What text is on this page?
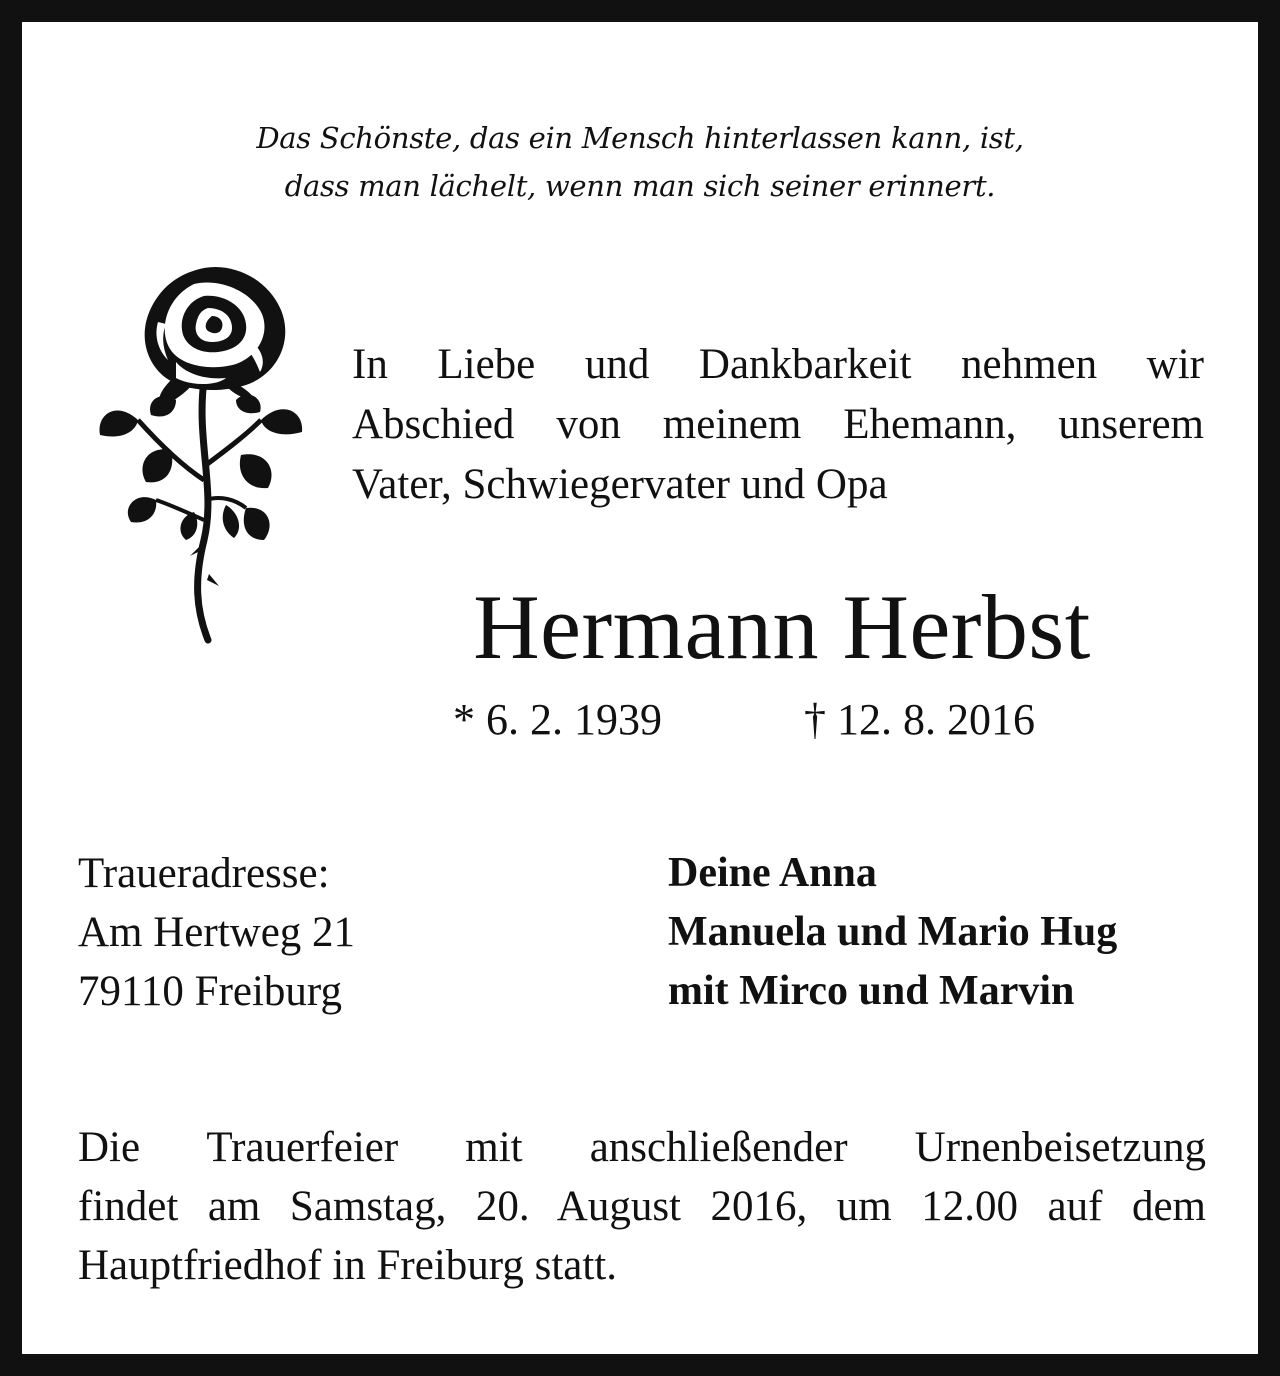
Das Schönste, das ein Mensch hinterlassen kann, ist,
dass man lächelt, wenn man sich seiner erinnert.
In Liebe und Dankbarkeit nehmen wir
Abschied von meinem Ehemann, unserem
Vater, Schwiegervater und Opa
Hermann Herbst
* 6. 2. 1939	† 12. 8. 2016
Traueradresse:
Am Hertweg 21
79110 Freiburg
Deine Anna
Manuela und Mario Hug
mit Mirco und Marvin
Die Trauerfeier mit anschließender Urnenbeisetzung
findet am Samstag, 20. August 2016, um 12.00 auf dem
Hauptfriedhof in Freiburg statt.
